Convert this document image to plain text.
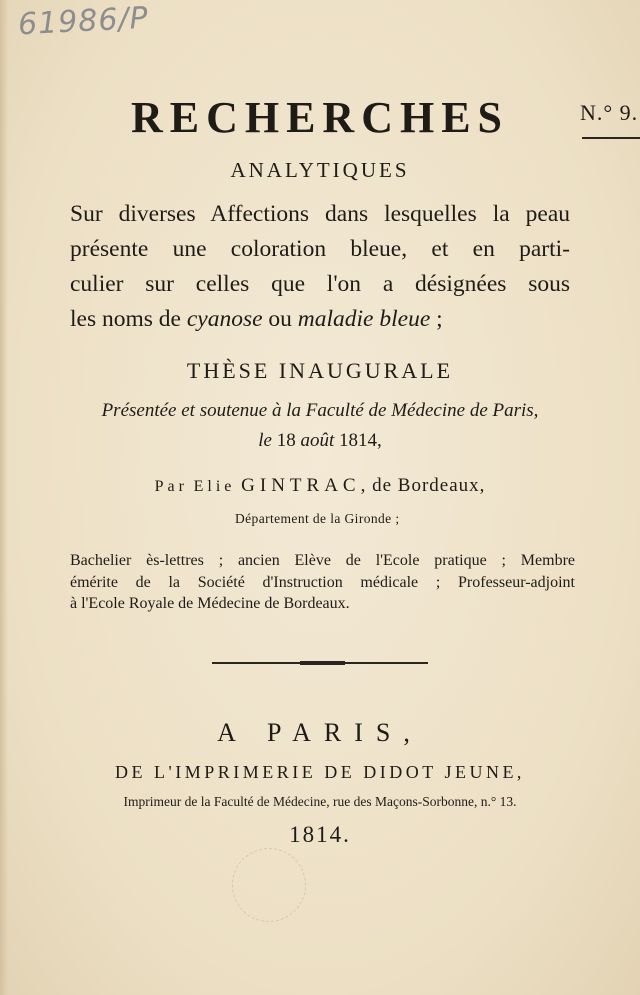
61986/P
N.° 9.
RECHERCHES
ANALYTIQUES
Sur diverses Affections dans lesquelles la peau
présente une coloration bleue, et en parti-
culier sur celles que l'on a désignées sous
les noms de cyanose ou maladie bleue ;
THÈSE INAUGURALE
Présentée et soutenue à la Faculté de Médecine de Paris,
le 18 août 1814,
Par Elie GINTRAC, de Bordeaux,
Département de la Gironde ;
Bachelier ès-lettres ; ancien Elève de l'Ecole pratique ; Membre
émérite de la Société d'Instruction médicale ; Professeur-adjoint
à l'Ecole Royale de Médecine de Bordeaux.
A PARIS,
DE L'IMPRIMERIE DE DIDOT JEUNE,
Imprimeur de la Faculté de Médecine, rue des Maçons-Sorbonne, n.° 13.
1814.
